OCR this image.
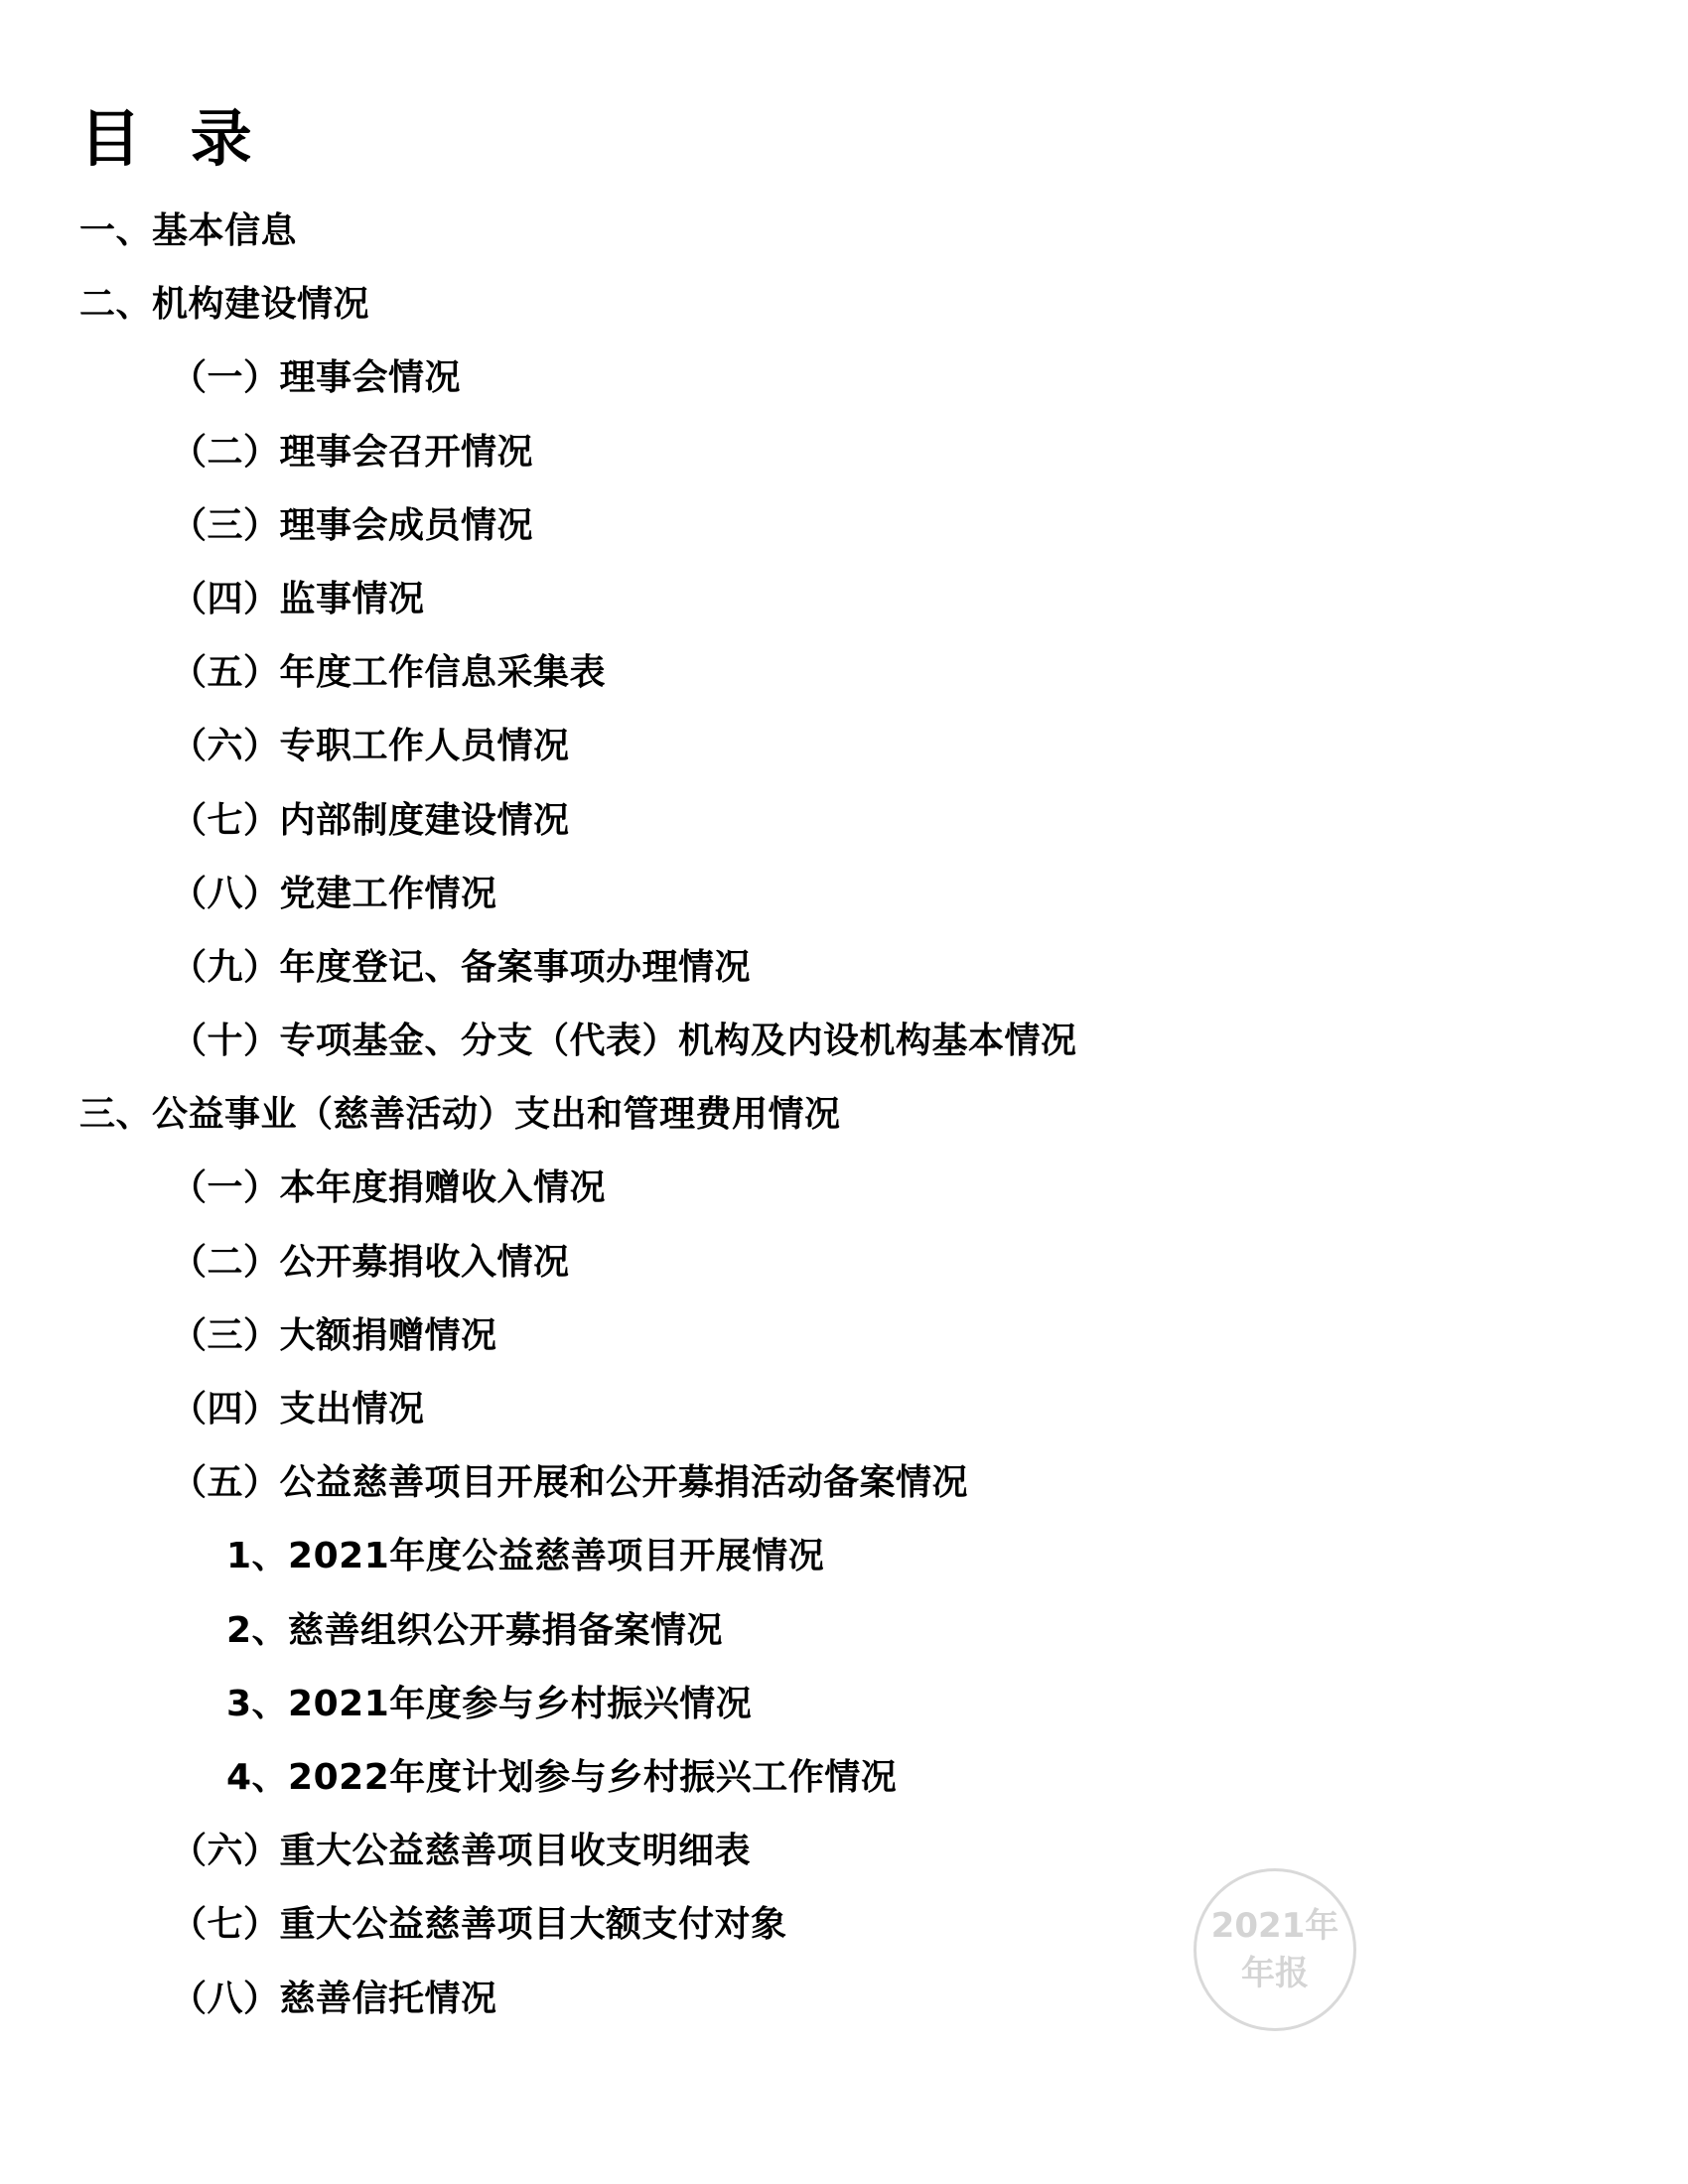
目 录
一、基本信息
二、机构建设情况
（一）理事会情况
（二）理事会召开情况
（三）理事会成员情况
（四）监事情况
（五）年度工作信息采集表
（六）专职工作人员情况
（七）内部制度建设情况
（八）党建工作情况
（九）年度登记、备案事项办理情况
（十）专项基金、分支（代表）机构及内设机构基本情况
三、公益事业（慈善活动）支出和管理费用情况
（一）本年度捐赠收入情况
（二）公开募捐收入情况
（三）大额捐赠情况
（四）支出情况
（五）公益慈善项目开展和公开募捐活动备案情况
1、2021年度公益慈善项目开展情况
2、慈善组织公开募捐备案情况
3、2021年度参与乡村振兴情况
4、2022年度计划参与乡村振兴工作情况
（六）重大公益慈善项目收支明细表
（七）重大公益慈善项目大额支付对象
（八）慈善信托情况
2021年
年报
